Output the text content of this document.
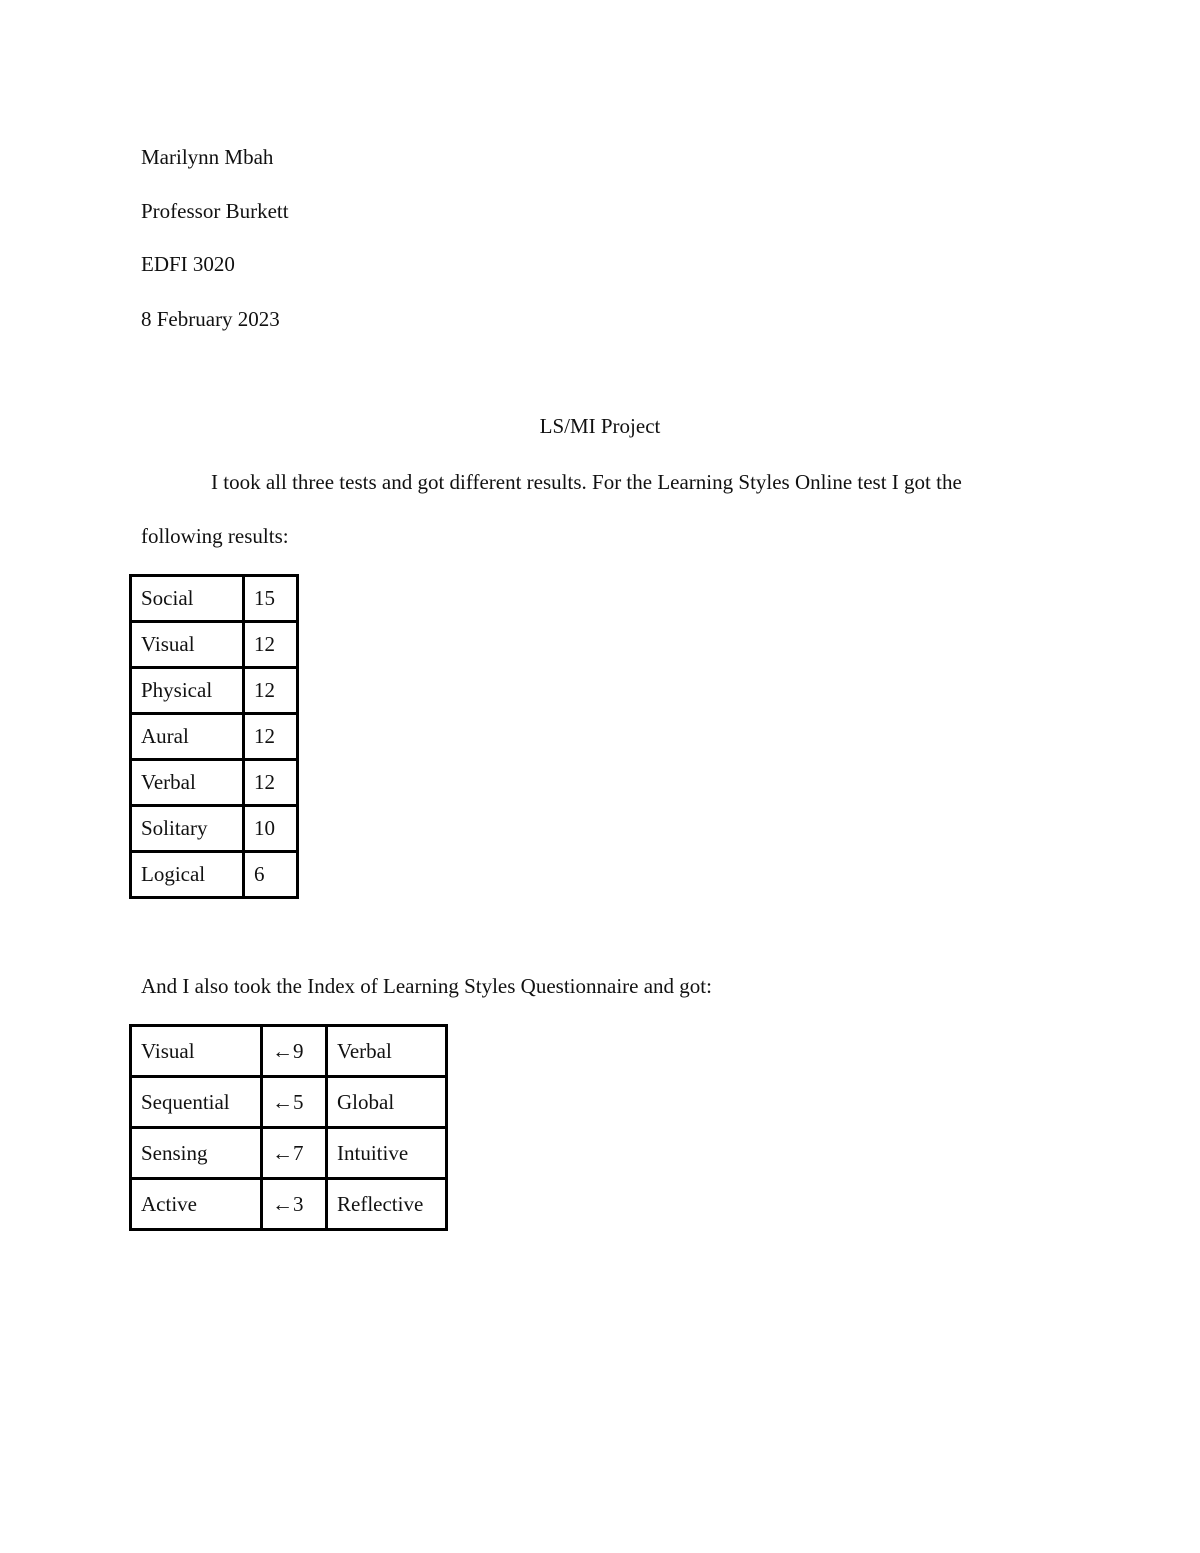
Marilynn Mbah
Professor Burkett
EDFI 3020
8 February 2023
LS/MI Project
I took all three tests and got different results. For the Learning Styles Online test I got the
following results:
Social	15
Visual	12
Physical	12
Aural	12
Verbal	12
Solitary	10
Logical	6
And I also took the Index of Learning Styles Questionnaire and got:
Visual	←9	Verbal
Sequential	←5	Global
Sensing	←7	Intuitive
Active	←3	Reflective
